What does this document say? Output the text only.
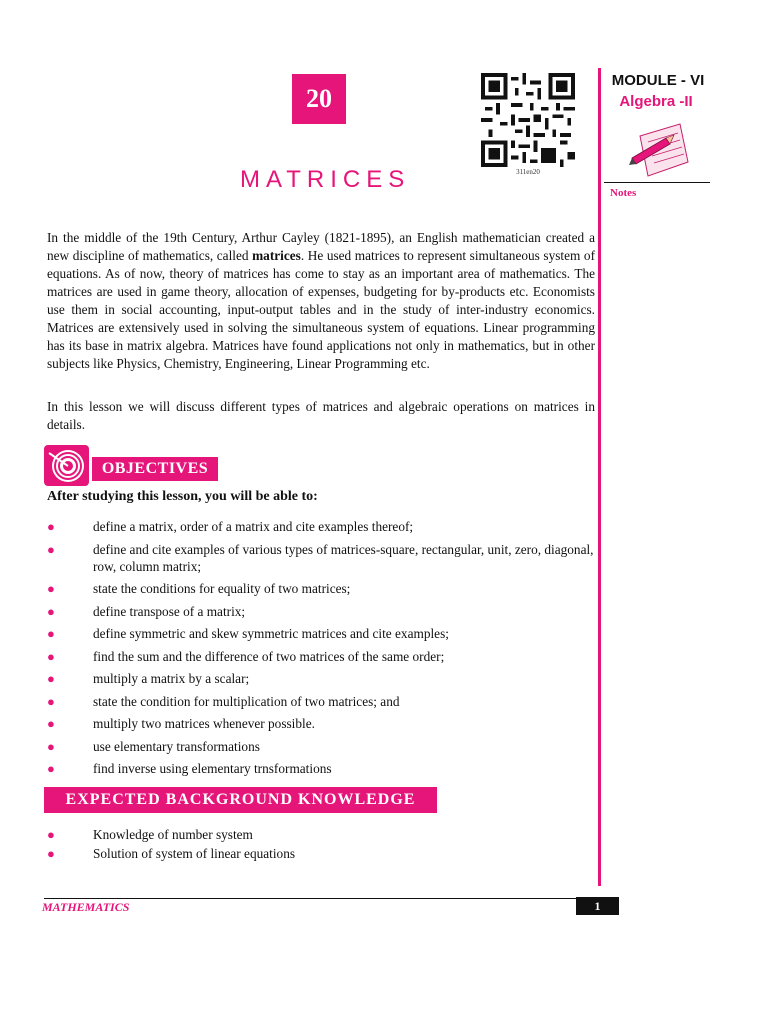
20
311en20
MATRICES
MODULE - VI
Algebra -II
Notes

In the middle of the 19th Century, Arthur Cayley (1821-1895), an English mathematician created a new discipline of mathematics, called matrices. He used matrices to represent simultaneous system of equations. As of now, theory of matrices has come to stay as an important area of mathematics. The matrices are used in game theory, allocation of expenses, budgeting for by-products etc. Economists use them in social accounting, input-output tables and in the study of inter-industry economics. Matrices are extensively used in solving the simultaneous system of equations. Linear programming has its base in matrix algebra. Matrices have found applications not only in mathematics, but in other subjects like Physics, Chemistry, Engineering, Linear Programming etc.

In this lesson we will discuss different types of matrices and algebraic operations on matrices in details.

OBJECTIVES
After studying this lesson, you will be able to:
●	define a matrix, order of a matrix and cite examples thereof;
●	define and cite examples of various types of matrices-square, rectangular, unit, zero, diagonal, row, column matrix;
●	state the conditions for equality of two matrices;
●	define transpose of a matrix;
●	define symmetric and skew symmetric matrices and cite examples;
●	find the sum and the difference of two matrices of the same order;
●	multiply a matrix by a scalar;
●	state the condition for multiplication of two matrices; and
●	multiply two matrices whenever possible.
●	use elementary transformations
●	find inverse using elementary trnsformations
EXPECTED BACKGROUND KNOWLEDGE
●	Knowledge of number system
●	Solution of system of linear equations
MATHEMATICS	1
